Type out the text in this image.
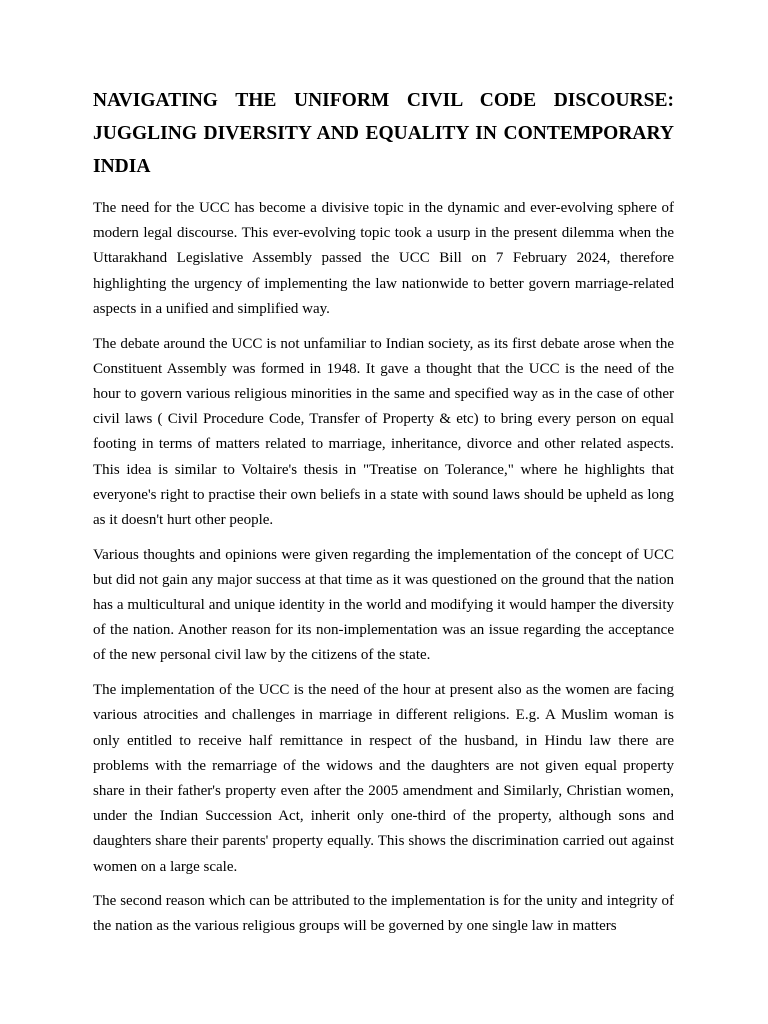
NAVIGATING THE UNIFORM CIVIL CODE DISCOURSE: JUGGLING DIVERSITY AND EQUALITY IN CONTEMPORARY INDIA

The need for the UCC has become a divisive topic in the dynamic and ever-evolving sphere of modern legal discourse. This ever-evolving topic took a usurp in the present dilemma when the Uttarakhand Legislative Assembly passed the UCC Bill on 7 February 2024, therefore highlighting the urgency of implementing the law nationwide to better govern marriage-related aspects in a unified and simplified way.

The debate around the UCC is not unfamiliar to Indian society, as its first debate arose when the Constituent Assembly was formed in 1948. It gave a thought that the UCC is the need of the hour to govern various religious minorities in the same and specified way as in the case of other civil laws ( Civil Procedure Code, Transfer of Property & etc) to bring every person on equal footing in terms of matters related to marriage, inheritance, divorce and other related aspects. This idea is similar to Voltaire's thesis in "Treatise on Tolerance," where he highlights that everyone's right to practise their own beliefs in a state with sound laws should be upheld as long as it doesn't hurt other people.

Various thoughts and opinions were given regarding the implementation of the concept of UCC but did not gain any major success at that time as it was questioned on the ground that the nation has a multicultural and unique identity in the world and modifying it would hamper the diversity of the nation. Another reason for its non-implementation was an issue regarding the acceptance of the new personal civil law by the citizens of the state.

The implementation of the UCC is the need of the hour at present also as the women are facing various atrocities and challenges in marriage in different religions. E.g. A Muslim woman is only entitled to receive half remittance in respect of the husband, in Hindu law there are problems with the remarriage of the widows and the daughters are not given equal property share in their father's property even after the 2005 amendment and Similarly, Christian women, under the Indian Succession Act, inherit only one-third of the property, although sons and daughters share their parents' property equally. This shows the discrimination carried out against women on a large scale.

The second reason which can be attributed to the implementation is for the unity and integrity of the nation as the various religious groups will be governed by one single law in matters
